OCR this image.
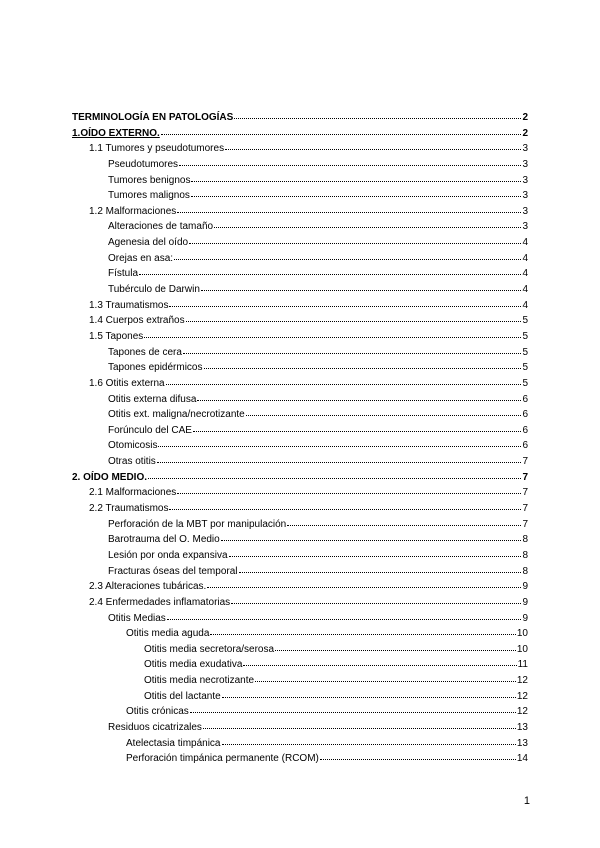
TERMINOLOGÍA EN PATOLOGÍAS	2
1.OÍDO EXTERNO.	2
1.1 Tumores y pseudotumores	3
Pseudotumores	3
Tumores benignos	3
Tumores malignos	3
1.2 Malformaciones	3
Alteraciones de tamaño	3
Agenesia del oído	4
Orejas en asa:	4
Fístula	4
Tubérculo de Darwin	4
1.3 Traumatismos	4
1.4 Cuerpos extraños	5
1.5 Tapones	5
Tapones de cera	5
Tapones epidérmicos	5
1.6 Otitis externa	5
Otitis externa difusa	6
Otitis ext. maligna/necrotizante	6
Forúnculo del CAE	6
Otomicosis	6
Otras otitis	7
2. OÍDO MEDIO.	7
2.1 Malformaciones	7
2.2 Traumatismos	7
Perforación de la MBT por manipulación	7
Barotrauma del O. Medio	8
Lesión por onda expansiva	8
Fracturas óseas del temporal	8
2.3 Alteraciones tubáricas.	9
2.4 Enfermedades inflamatorias	9
Otitis Medias	9
Otitis media aguda	10
Otitis media secretora/serosa	10
Otitis media exudativa	11
Otitis media necrotizante	12
Otitis del lactante	12
Otitis crónicas	12
Residuos cicatrizales	13
Atelectasia timpánica	13
Perforación timpánica permanente (RCOM)	14
1
